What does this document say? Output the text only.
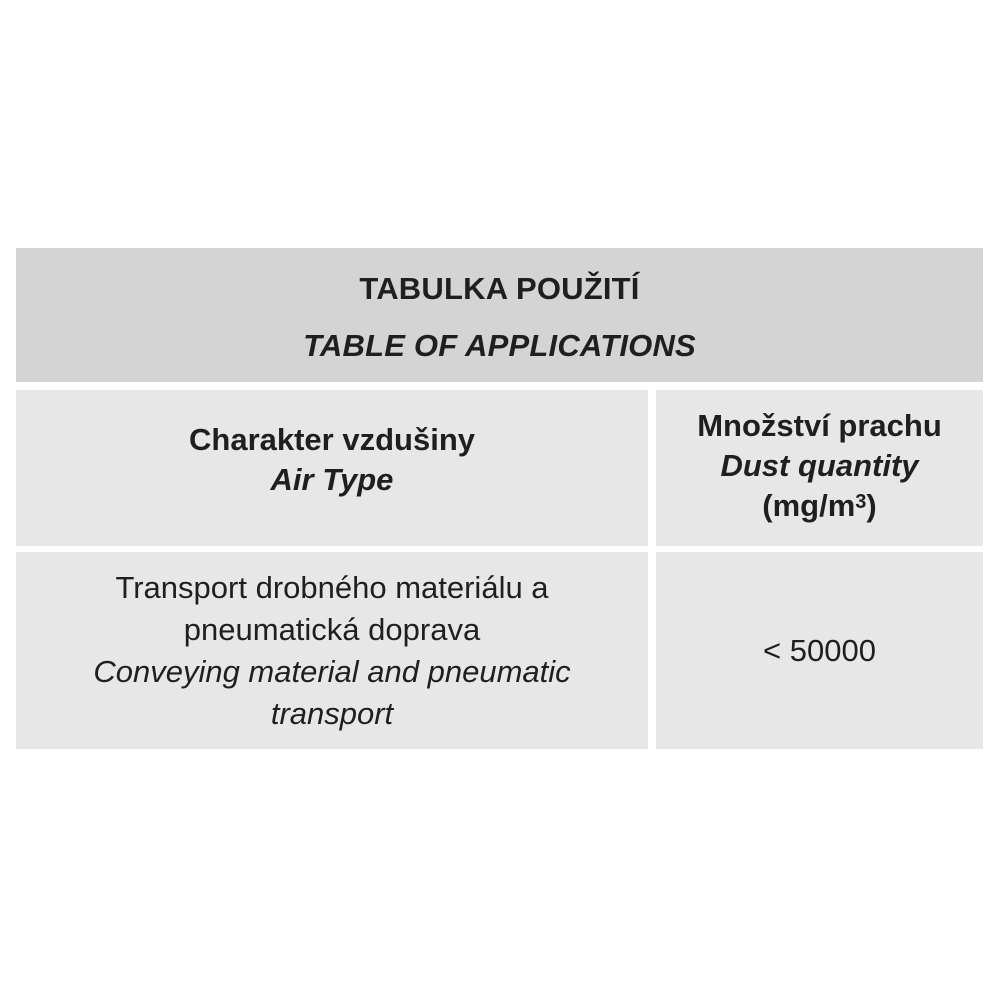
TABULKA POUŽITÍ
TABLE OF APPLICATIONS
Charakter vzdušiny
Air Type
Množství prachu
Dust quantity
$(mg/m^3)$
Transport drobného materiálu a
pneumatická doprava
Conveying material and pneumatic
transport
< 50000
